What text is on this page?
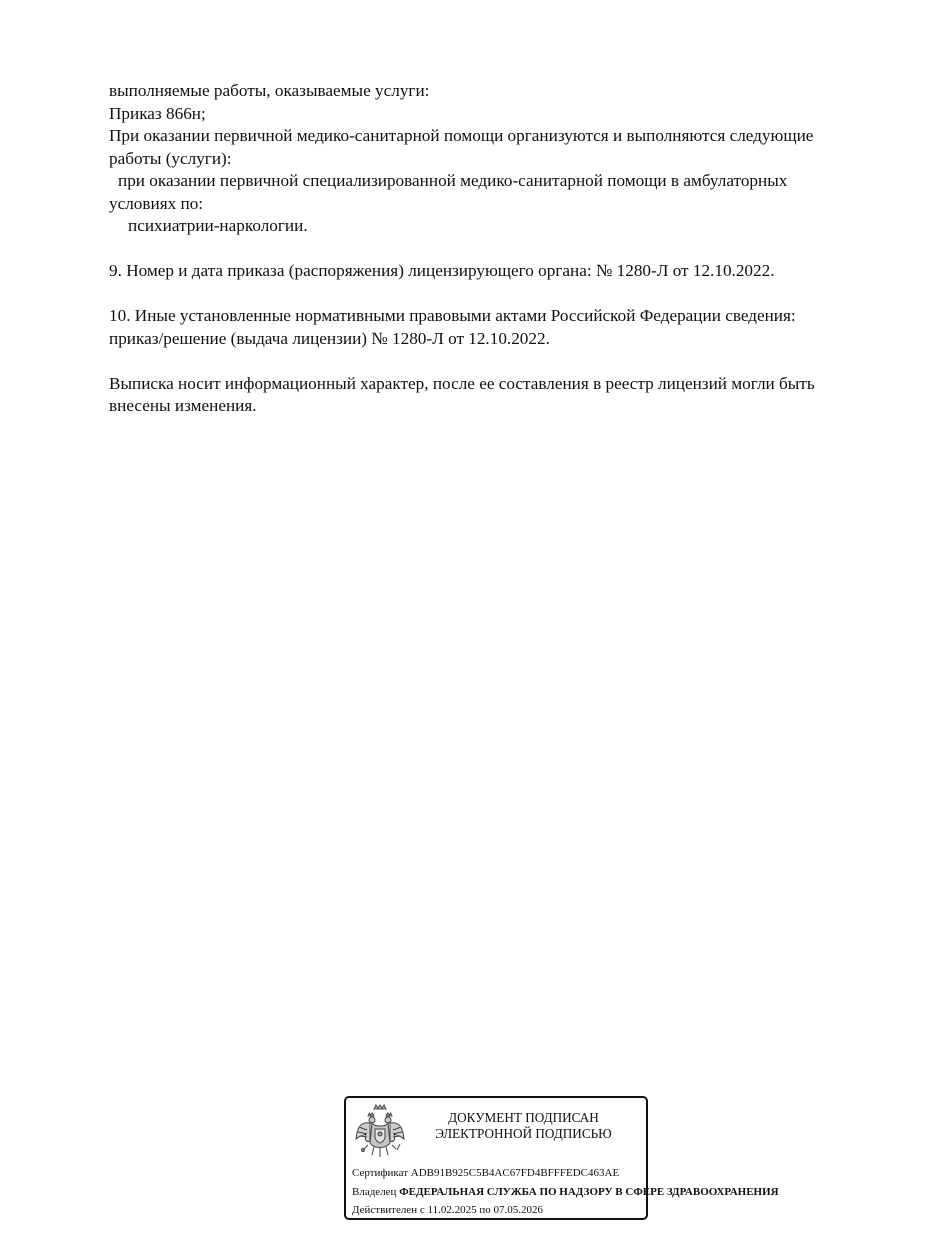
выполняемые работы, оказываемые услуги:
Приказ 866н;
При оказании первичной медико-санитарной помощи организуются и выполняются следующие
работы (услуги):
при оказании первичной специализированной медико-санитарной помощи в амбулаторных
условиях по:
психиатрии-наркологии.
9. Номер и дата приказа (распоряжения) лицензирующего органа: № 1280-Л от 12.10.2022.
10. Иные установленные нормативными правовыми актами Российской Федерации сведения:
приказ/решение (выдача лицензии) № 1280-Л от 12.10.2022.
Выписка носит информационный характер, после ее составления в реестр лицензий могли быть
внесены изменения.
ДОКУМЕНТ ПОДПИСАН
ЭЛЕКТРОННОЙ ПОДПИСЬЮ
Сертификат ADB91B925C5B4AC67FD4BFFFEDC463AE
Владелец ФЕДЕРАЛЬНАЯ СЛУЖБА ПО НАДЗОРУ В СФЕРЕ ЗДРАВООХРАНЕНИЯ
Действителен с 11.02.2025 по 07.05.2026
